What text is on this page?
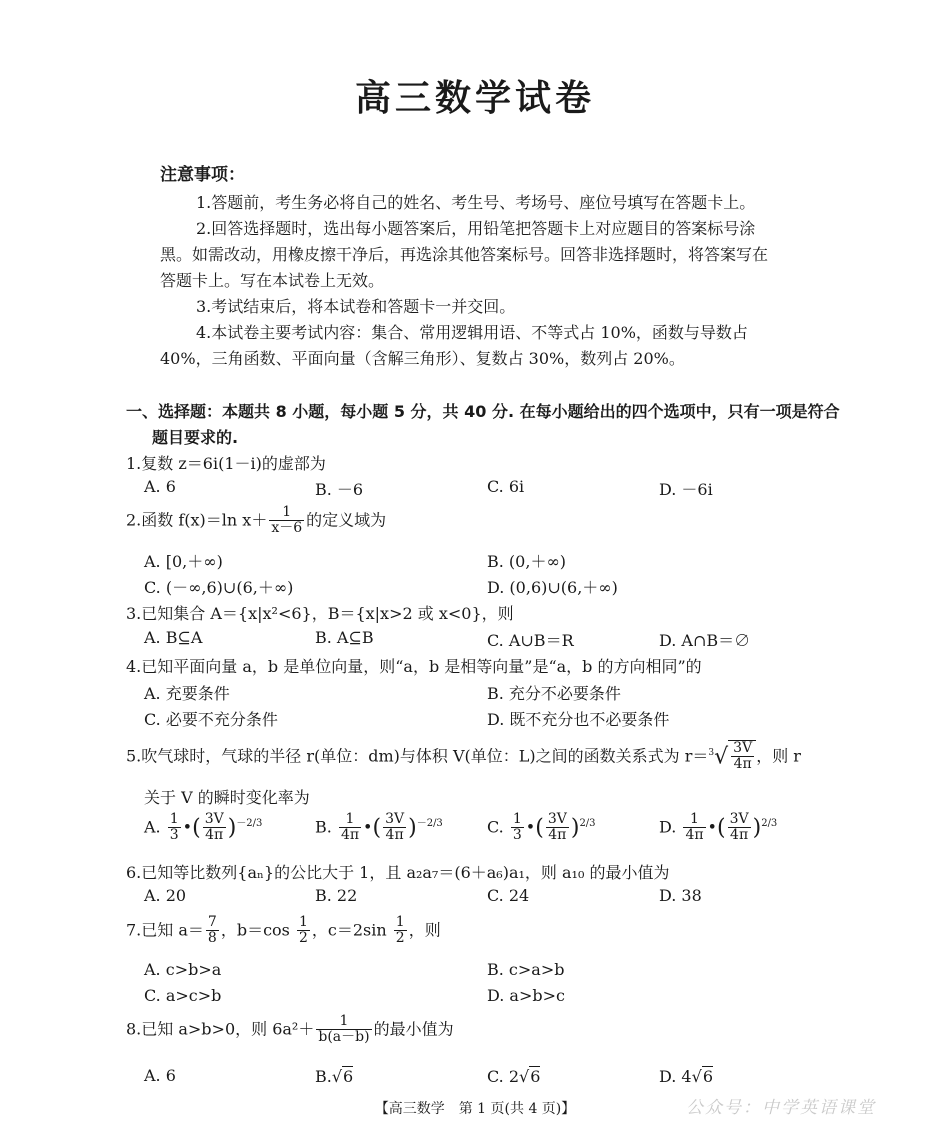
高三数学试卷
注意事项：
1.答题前，考生务必将自己的姓名、考生号、考场号、座位号填写在答题卡上。
2.回答选择题时，选出每小题答案后，用铅笔把答题卡上对应题目的答案标号涂
黑。如需改动，用橡皮擦干净后，再选涂其他答案标号。回答非选择题时，将答案写在
答题卡上。写在本试卷上无效。
3.考试结束后，将本试卷和答题卡一并交回。
4.本试卷主要考试内容：集合、常用逻辑用语、不等式占 10%，函数与导数占
40%，三角函数、平面向量（含解三角形）、复数占 30%，数列占 20%。
一、选择题：本题共 8 小题，每小题 5 分，共 40 分. 在每小题给出的四个选项中，只有一项是符合
题目要求的.
1.复数 z＝6i(1－i)的虚部为
A. 6	B. －6	C. 6i	D. －6i
2.函数 f(x)＝ln $x+ \frac{1}{x-6}$ 的定义域为
A. [0,＋∞)	B. (0,＋∞)
C. (－∞,6)∪(6,＋∞)	D. (0,6)∪(6,＋∞)
3.已知集合 A＝{x|x²<6}，B＝{x|x>2 或 x<0}，则
A. B⊆A	B. A⊆B	C. A∪B＝R	D. A∩B＝∅
4.已知平面向量 a，b 是单位向量，则“a，b 是相等向量”是“a，b 的方向相同”的
A. 充要条件	B. 充分不必要条件
C. 必要不充分条件	D. 既不充分也不必要条件
5.吹气球时，气球的半径 r(单位：dm)与体积 V(单位：L)之间的函数关系式为 $r=^3√ \frac{3V}{4\pi}$ ，则 r
关于 V 的瞬时变化率为
A. $\frac{1}{3}$ •( $\frac{3V}{4\pi} )^{-2/3}$	B. $\frac{1}{4\pi}$ •( $\frac{3V}{4\pi} )^{-2/3}$	C. $\frac{1}{3}$ •( $\frac{3V}{4\pi} )^{2/3}$	D. $\frac{1}{4\pi}$ •( $\frac{3V}{4\pi} )^{2/3}$
6.已知等比数列{aₙ}的公比大于 1，且 a₂a₇＝(6＋a₆)a₁，则 a₁₀ 的最小值为
A. 20	B. 22	C. 24	D. 38
7.已知 $a= \frac{7}{8}$ ，$b=\cos \frac{1}{2}$ ，$c=2\sin \frac{1}{2}$ ，则
A. c>b>a	B. c>a>b
C. a>c>b	D. a>b>c
8.已知 a>b>0，则 $6a^2+ \frac{1}{b(a-b)}$ 的最小值为
A. 6	B.√6	C. 2√6	D. 4√6
【高三数学　第 1 页(共 4 页)】	公众号：中学英语课堂
